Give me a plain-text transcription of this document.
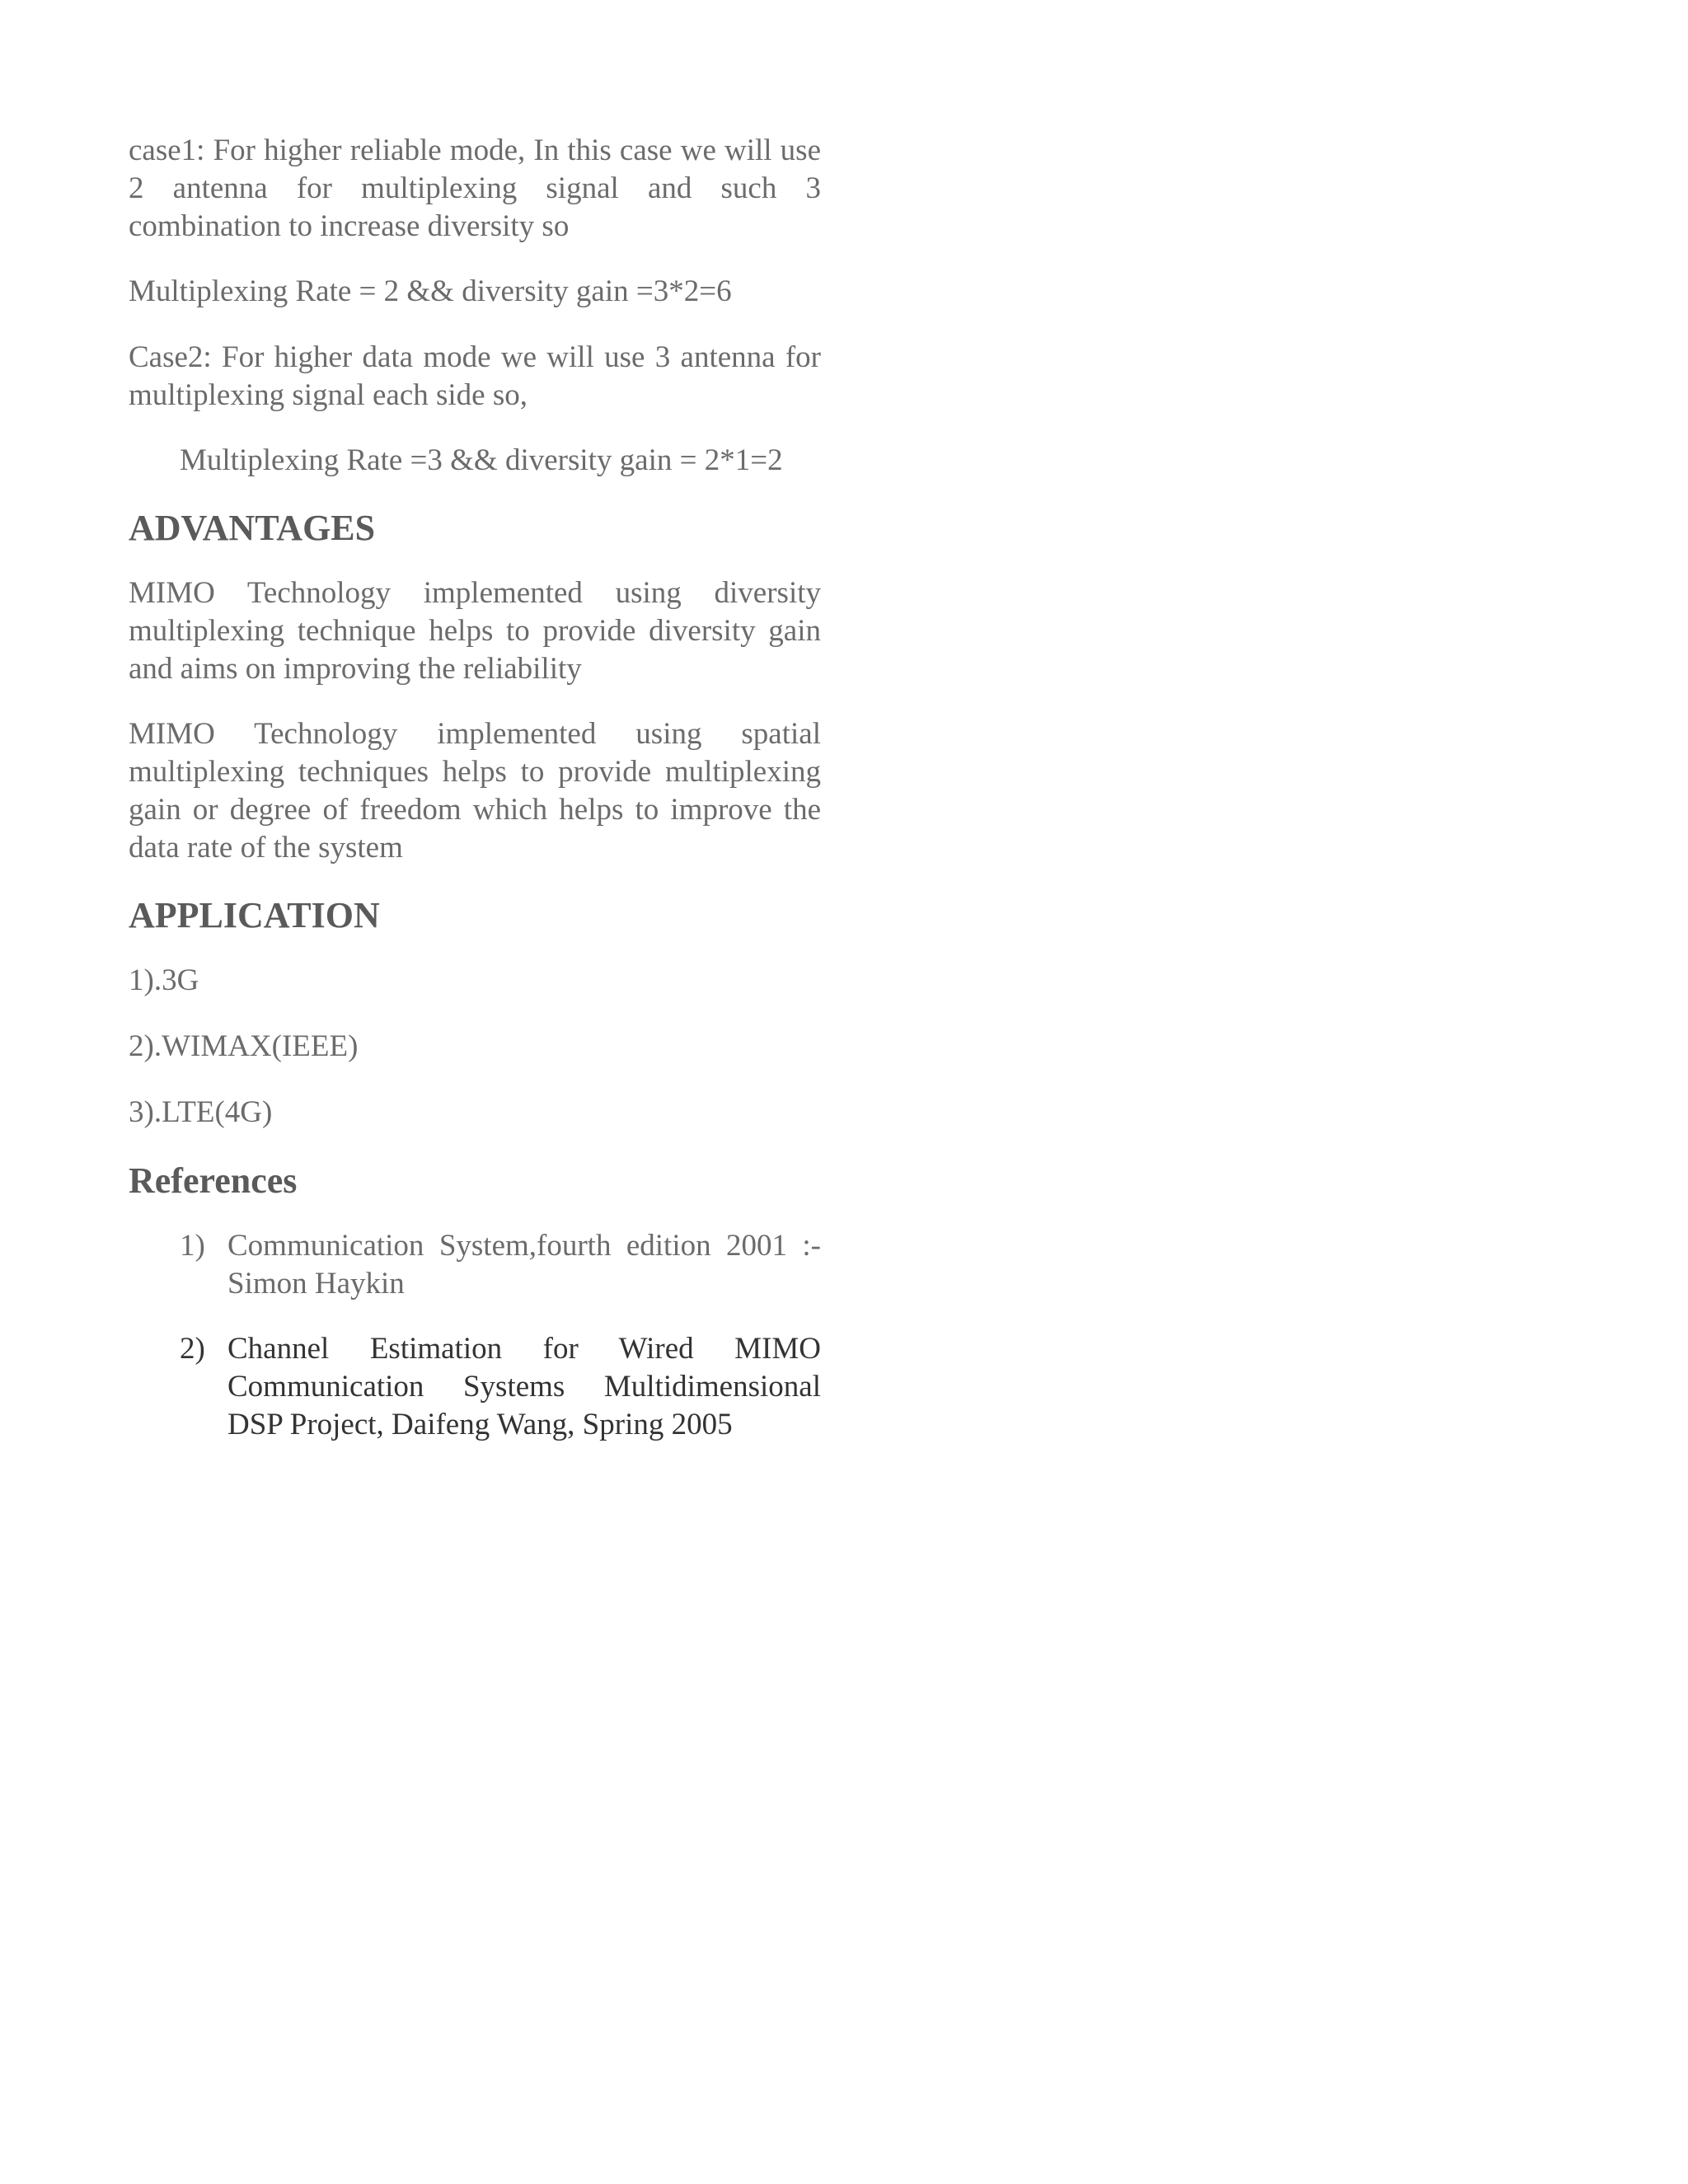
case1: For higher reliable mode, In this case we will use 2 antenna for multiplexing signal and such 3 combination to increase diversity so

Multiplexing Rate = 2 && diversity gain =3*2=6

Case2: For higher data mode we will use 3 antenna for multiplexing signal each side so,

Multiplexing Rate =3 && diversity gain = 2*1=2

ADVANTAGES

MIMO Technology implemented using diversity multiplexing technique helps to provide diversity gain and aims on improving the reliability

MIMO Technology implemented using spatial multiplexing techniques helps to provide multiplexing gain or degree of freedom which helps to improve the data rate of the system

APPLICATION

1).3G

2).WIMAX(IEEE)

3).LTE(4G)

References
1) Communication System,fourth edition 2001 :-Simon Haykin
2) Channel Estimation for Wired MIMO Communication Systems Multidimensional DSP Project, Daifeng Wang, Spring 2005
